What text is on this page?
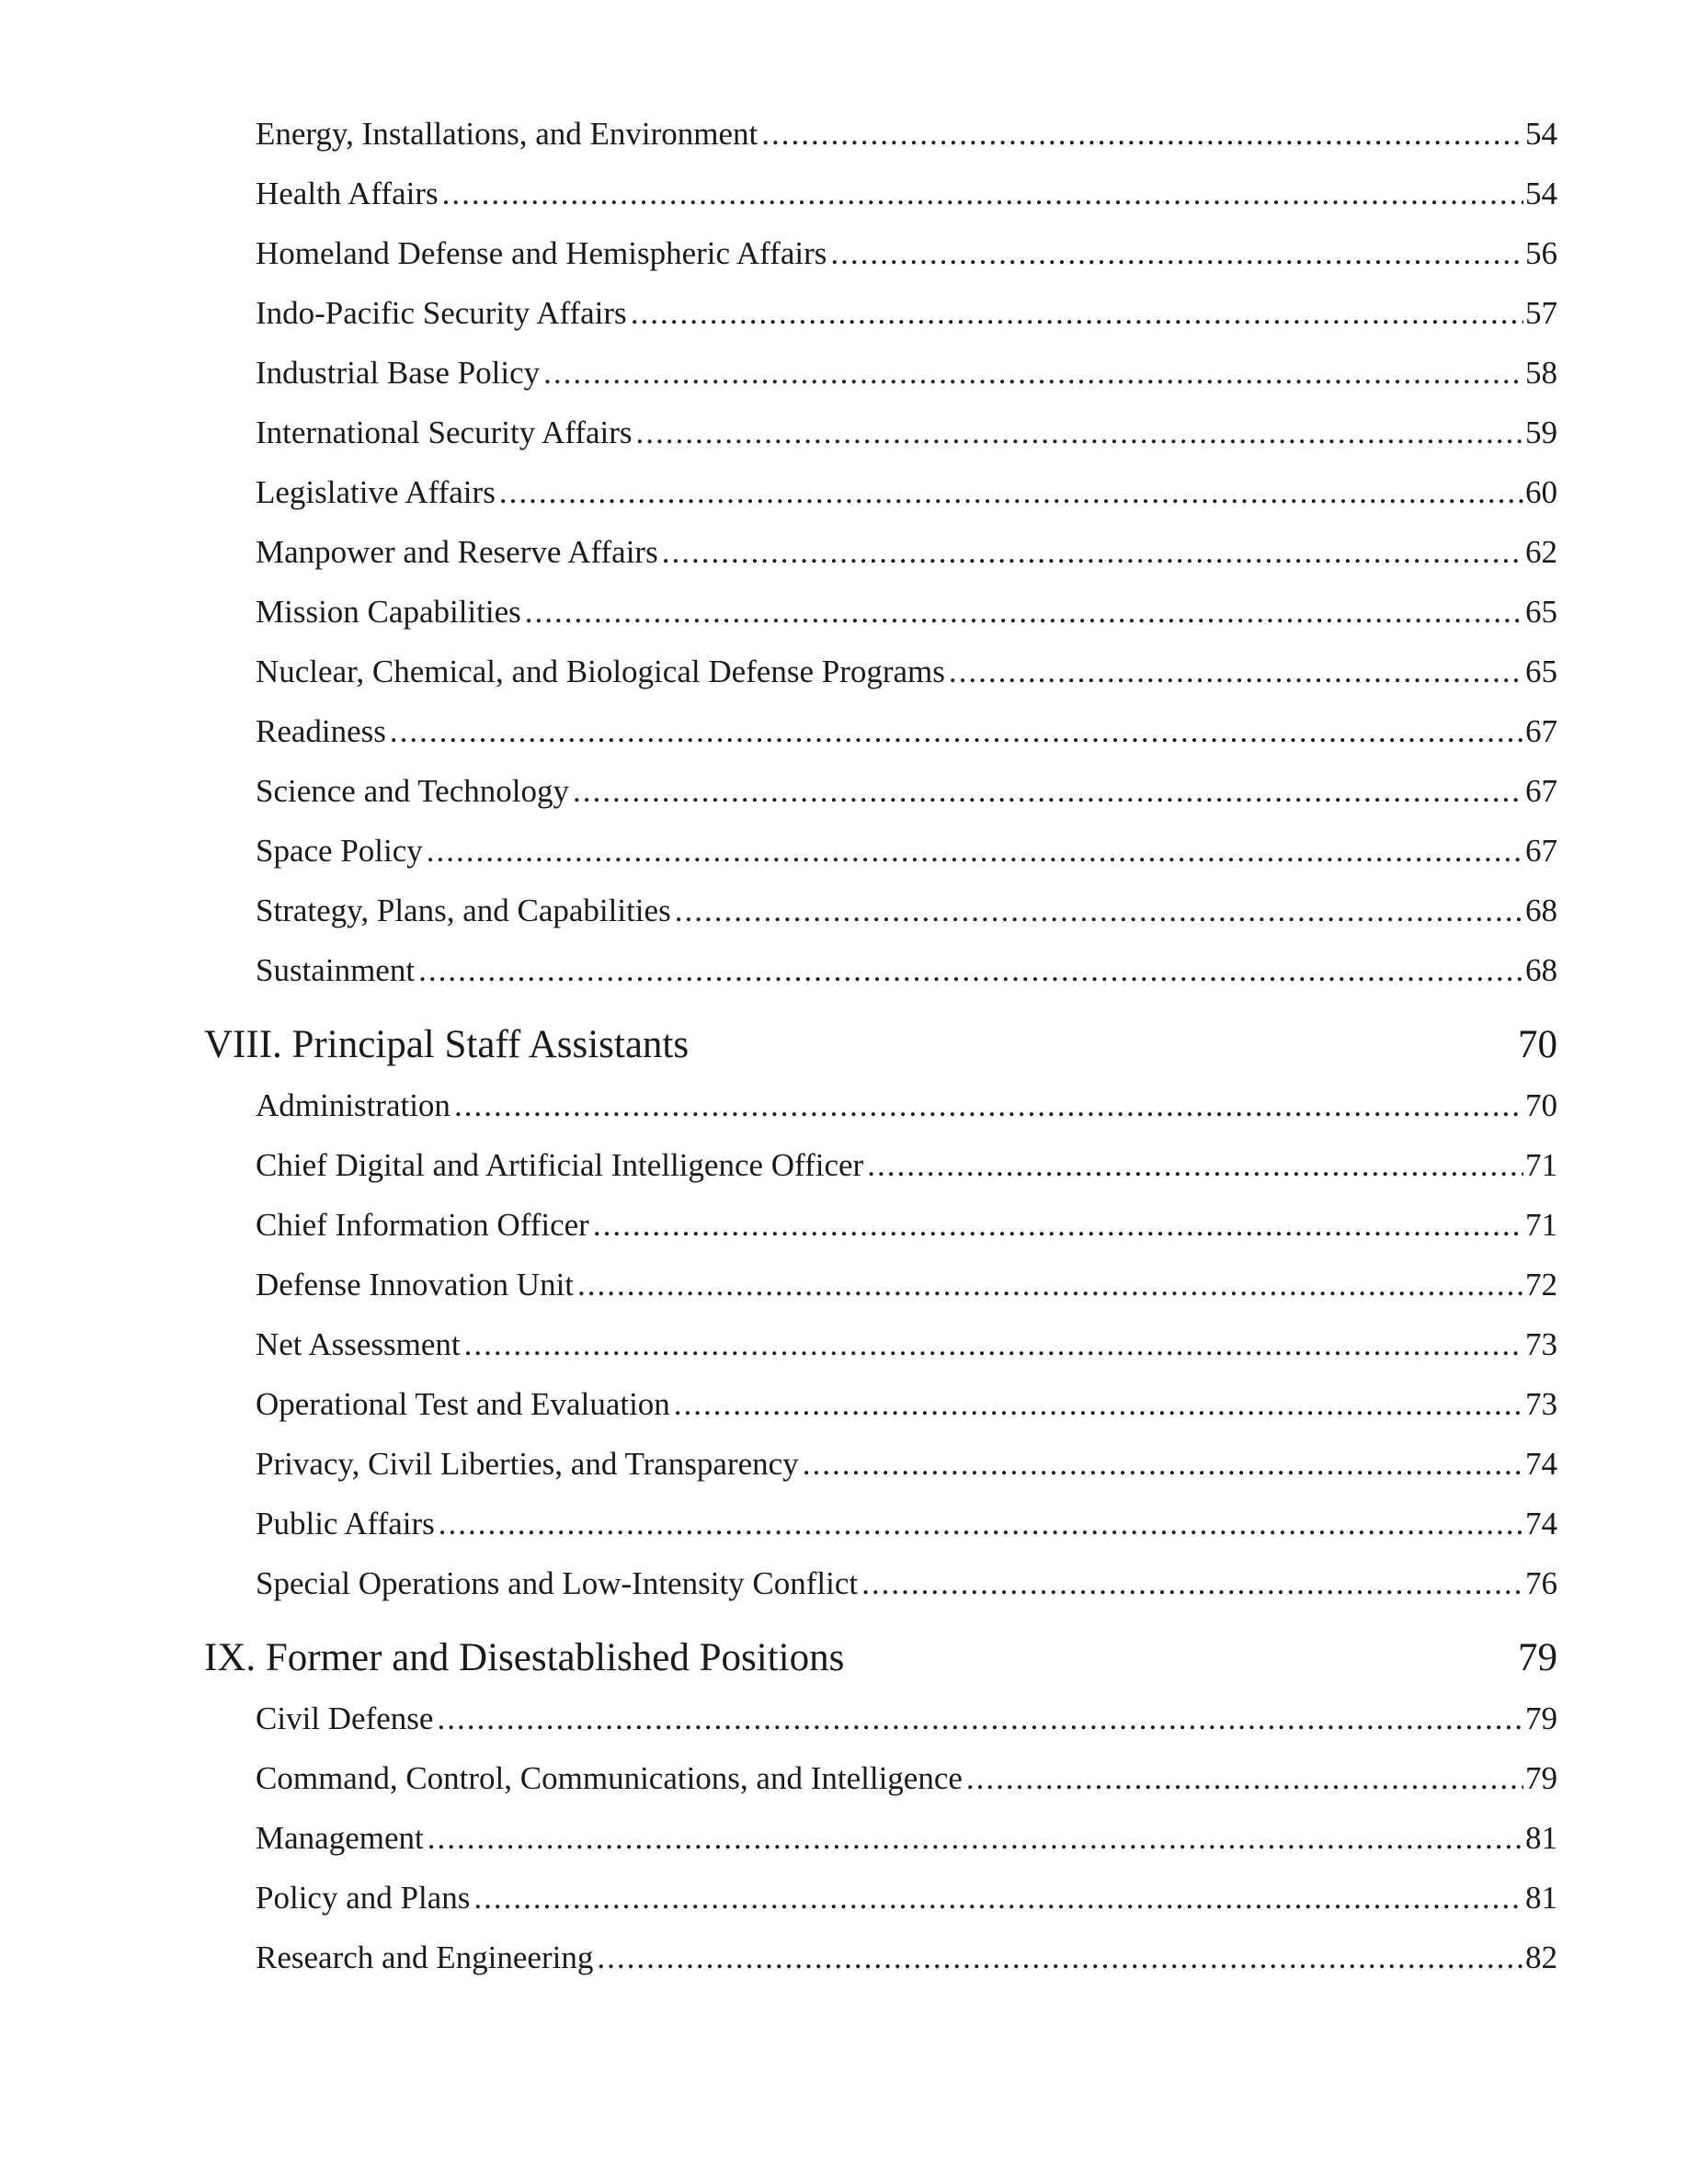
Energy, Installations, and Environment .....	54
Health Affairs .....	54
Homeland Defense and Hemispheric Affairs .....	56
Indo-Pacific Security Affairs .....	57
Industrial Base Policy .....	58
International Security Affairs .....	59
Legislative Affairs .....	60
Manpower and Reserve Affairs .....	62
Mission Capabilities .....	65
Nuclear, Chemical, and Biological Defense Programs .....	65
Readiness .....	67
Science and Technology .....	67
Space Policy .....	67
Strategy, Plans, and Capabilities .....	68
Sustainment .....	68
VIII. Principal Staff Assistants	70
Administration .....	70
Chief Digital and Artificial Intelligence Officer .....	71
Chief Information Officer .....	71
Defense Innovation Unit .....	72
Net Assessment .....	73
Operational Test and Evaluation .....	73
Privacy, Civil Liberties, and Transparency .....	74
Public Affairs .....	74
Special Operations and Low-Intensity Conflict .....	76
IX. Former and Disestablished Positions	79
Civil Defense .....	79
Command, Control, Communications, and Intelligence .....	79
Management .....	81
Policy and Plans .....	81
Research and Engineering .....	82
